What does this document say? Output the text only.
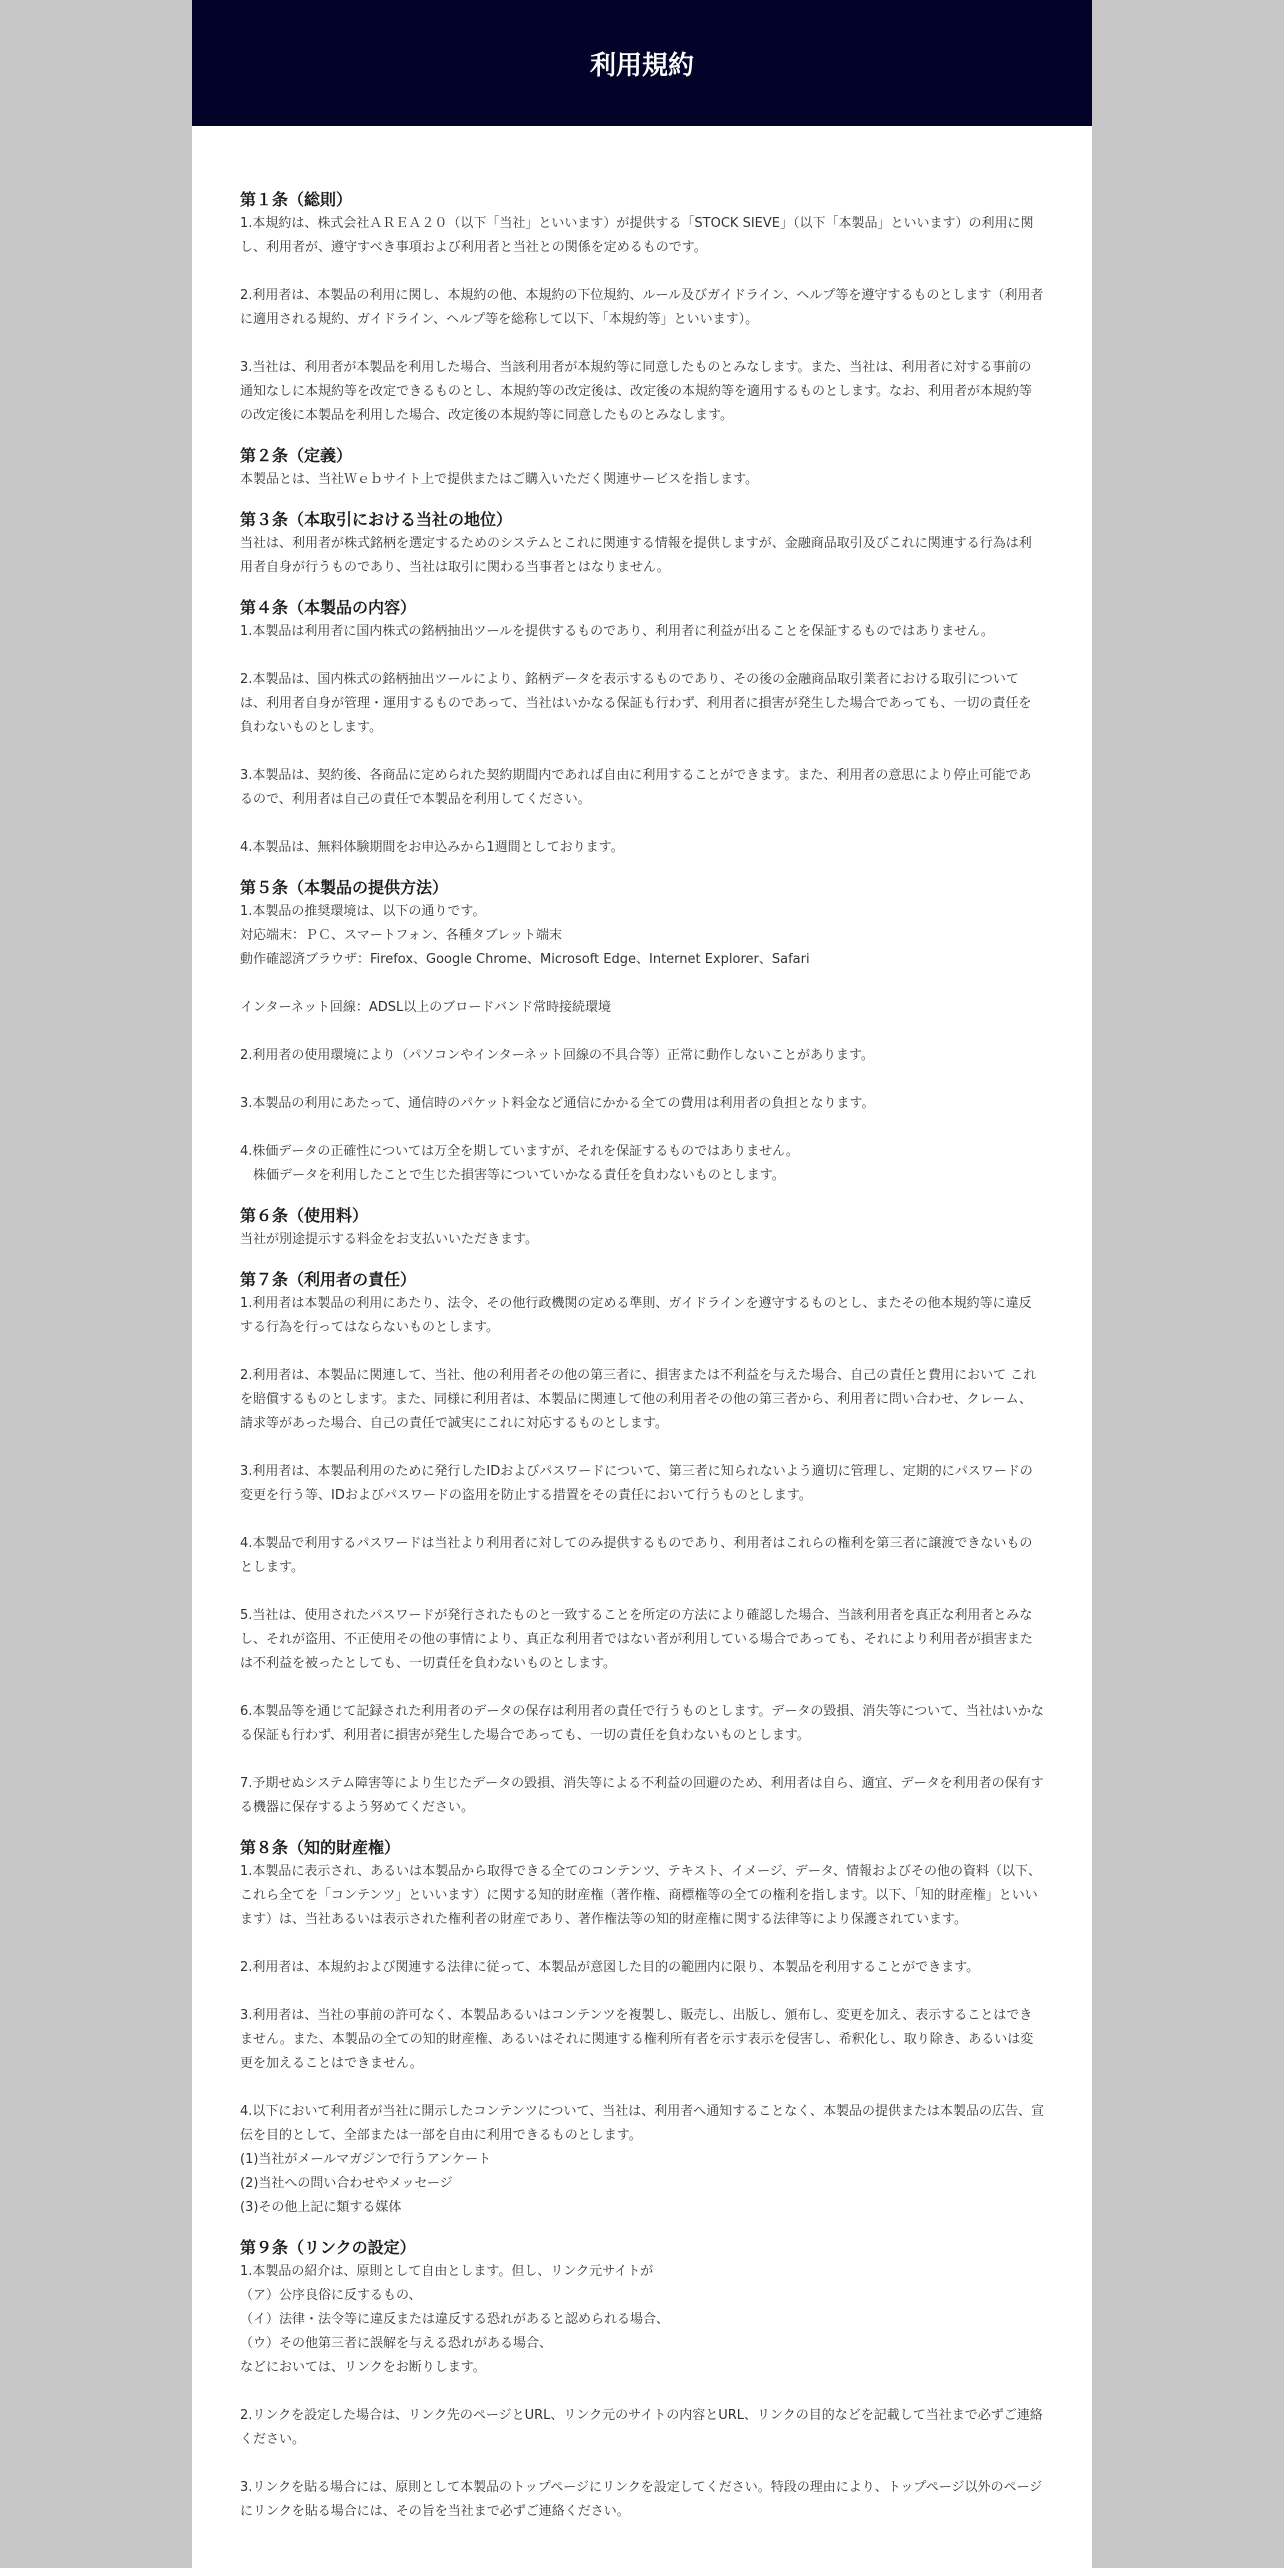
利用規約
第１条（総則）

1.本規約は、株式会社ＡＲＥＡ２０（以下「当社」といいます）が提供する「STOCK SIEVE」（以下「本製品」といいます）の利用に関し、利用者が、遵守すべき事項および利用者と当社との関係を定めるものです。

2.利用者は、本製品の利用に関し、本規約の他、本規約の下位規約、ルール及びガイドライン、ヘルプ等を遵守するものとします（利用者に適用される規約、ガイドライン、ヘルプ等を総称して以下、「本規約等」といいます）。

3.当社は、利用者が本製品を利用した場合、当該利用者が本規約等に同意したものとみなします。また、当社は、利用者に対する事前の通知なしに本規約等を改定できるものとし、本規約等の改定後は、改定後の本規約等を適用するものとします。なお、利用者が本規約等の改定後に本製品を利用した場合、改定後の本規約等に同意したものとみなします。

第２条（定義）

本製品とは、当社Ｗｅｂサイト上で提供またはご購入いただく関連サービスを指します。

第３条（本取引における当社の地位）

当社は、利用者が株式銘柄を選定するためのシステムとこれに関連する情報を提供しますが、金融商品取引及びこれに関連する行為は利用者自身が行うものであり、当社は取引に関わる当事者とはなりません。

第４条（本製品の内容）

1.本製品は利用者に国内株式の銘柄抽出ツールを提供するものであり、利用者に利益が出ることを保証するものではありません。

2.本製品は、国内株式の銘柄抽出ツールにより、銘柄データを表示するものであり、その後の金融商品取引業者における取引については、利用者自身が管理・運用するものであって、当社はいかなる保証も行わず、利用者に損害が発生した場合であっても、一切の責任を負わないものとします。

3.本製品は、契約後、各商品に定められた契約期間内であれば自由に利用することができます。また、利用者の意思により停止可能であるので、利用者は自己の責任で本製品を利用してください。

4.本製品は、無料体験期間をお申込みから1週間としております。

第５条（本製品の提供方法）

1.本製品の推奨環境は、以下の通りです。
対応端末：ＰＣ、スマートフォン、各種タブレット端末
動作確認済ブラウザ：Firefox、Google Chrome、Microsoft Edge、Internet Explorer、Safari

インターネット回線：ADSL以上のブロードバンド常時接続環境

2.利用者の使用環境により（パソコンやインターネット回線の不具合等）正常に動作しないことがあります。

3.本製品の利用にあたって、通信時のパケット料金など通信にかかる全ての費用は利用者の負担となります。

4.株価データの正確性については万全を期していますが、それを保証するものではありません。
　株価データを利用したことで生じた損害等についていかなる責任を負わないものとします。

第６条（使用料）

当社が別途提示する料金をお支払いいただきます。

第７条（利用者の責任）

1.利用者は本製品の利用にあたり、法令、その他行政機関の定める準則、ガイドラインを遵守するものとし、またその他本規約等に違反する行為を行ってはならないものとします。

2.利用者は、本製品に関連して、当社、他の利用者その他の第三者に、損害または不利益を与えた場合、自己の責任と費用において これを賠償するものとします。また、同様に利用者は、本製品に関連して他の利用者その他の第三者から、利用者に問い合わせ、クレーム、請求等があった場合、自己の責任で誠実にこれに対応するものとします。

3.利用者は、本製品利用のために発行したIDおよびパスワードについて、第三者に知られないよう適切に管理し、定期的にパスワードの変更を行う等、IDおよびパスワードの盗用を防止する措置をその責任において行うものとします。

4.本製品で利用するパスワードは当社より利用者に対してのみ提供するものであり、利用者はこれらの権利を第三者に譲渡できないものとします。

5.当社は、使用されたパスワードが発行されたものと一致することを所定の方法により確認した場合、当該利用者を真正な利用者とみなし、それが盗用、不正使用その他の事情により、真正な利用者ではない者が利用している場合であっても、それにより利用者が損害または不利益を被ったとしても、一切責任を負わないものとします。

6.本製品等を通じて記録された利用者のデータの保存は利用者の責任で行うものとします。データの毀損、消失等について、当社はいかなる保証も行わず、利用者に損害が発生した場合であっても、一切の責任を負わないものとします。

7.予期せぬシステム障害等により生じたデータの毀損、消失等による不利益の回避のため、利用者は自ら、適宜、データを利用者の保有する機器に保存するよう努めてください。

第８条（知的財産権）

1.本製品に表示され、あるいは本製品から取得できる全てのコンテンツ、テキスト、イメージ、データ、情報およびその他の資料（以下、これら全てを「コンテンツ」といいます）に関する知的財産権（著作権、商標権等の全ての権利を指します。以下、「知的財産権」といいます）は、当社あるいは表示された権利者の財産であり、著作権法等の知的財産権に関する法律等により保護されています。

2.利用者は、本規約および関連する法律に従って、本製品が意図した目的の範囲内に限り、本製品を利用することができます。

3.利用者は、当社の事前の許可なく、本製品あるいはコンテンツを複製し、販売し、出版し、頒布し、変更を加え、表示することはできません。また、本製品の全ての知的財産権、あるいはそれに関連する権利所有者を示す表示を侵害し、希釈化し、取り除き、あるいは変更を加えることはできません。

4.以下において利用者が当社に開示したコンテンツについて、当社は、利用者へ通知することなく、本製品の提供または本製品の広告、宣伝を目的として、全部または一部を自由に利用できるものとします。
(1)当社がメールマガジンで行うアンケート
(2)当社への問い合わせやメッセージ
(3)その他上記に類する媒体

第９条（リンクの設定）

1.本製品の紹介は、原則として自由とします。但し、リンク元サイトが
（ア）公序良俗に反するもの、
（イ）法律・法令等に違反または違反する恐れがあると認められる場合、
（ウ）その他第三者に誤解を与える恐れがある場合、
などにおいては、リンクをお断りします。

2.リンクを設定した場合は、リンク先のページとURL、リンク元のサイトの内容とURL、リンクの目的などを記載して当社まで必ずご連絡ください。

3.リンクを貼る場合には、原則として本製品のトップページにリンクを設定してください。特段の理由により、トップページ以外のページにリンクを貼る場合には、その旨を当社まで必ずご連絡ください。
